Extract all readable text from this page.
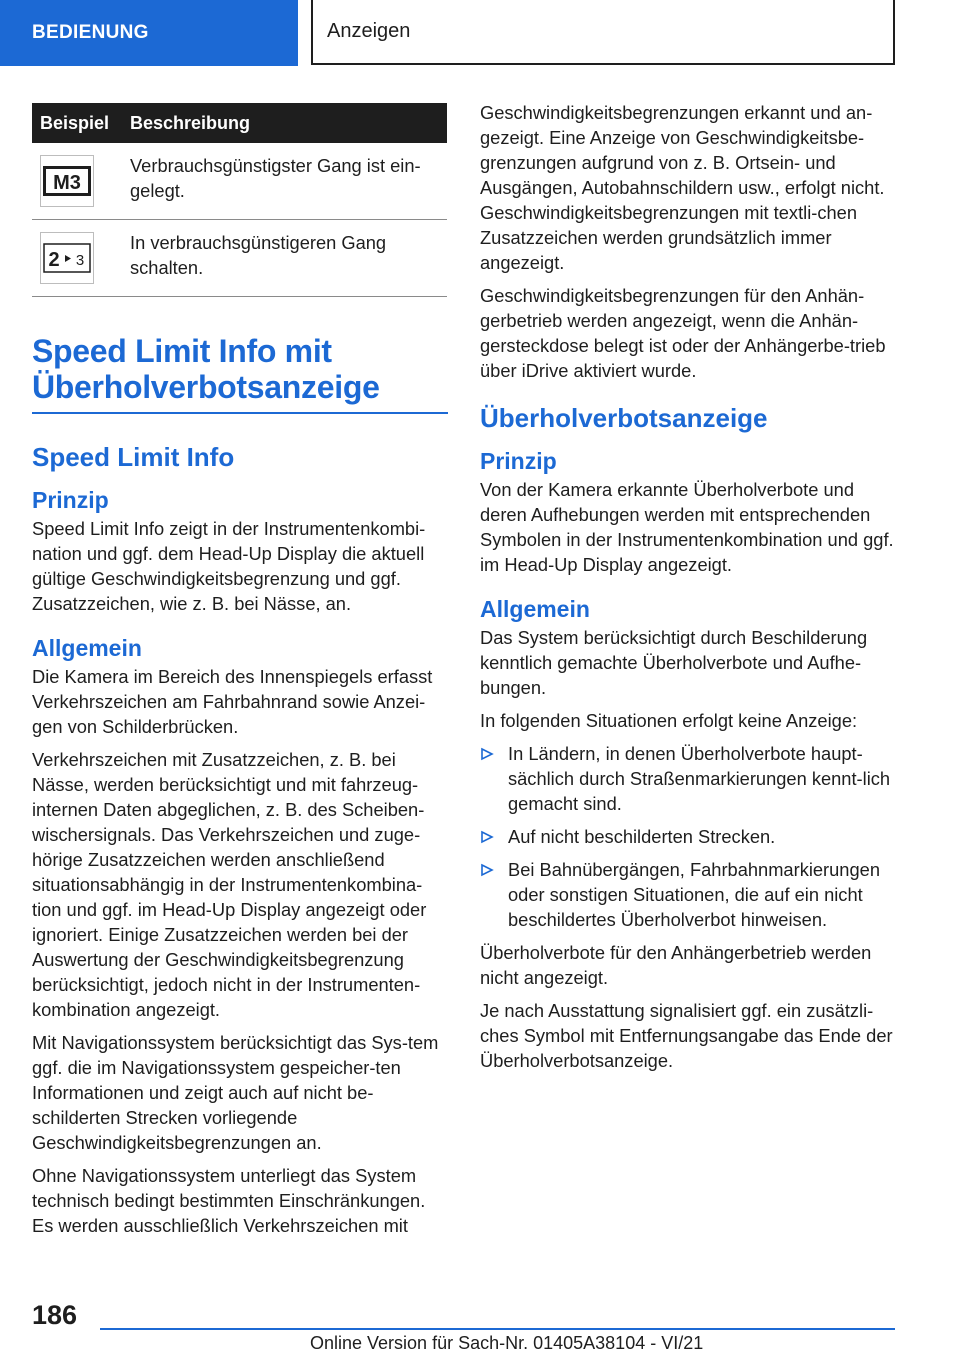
BEDIENUNG	Anzeigen
Beispiel	Beschreibung

M3	Verbrauchsgünstigster Gang ist ein-gelegt.

2 3	In verbrauchsgünstigeren Gang schalten.
Speed Limit Info mit Überholverbotsanzeige
Speed Limit Info
Prinzip

Speed Limit Info zeigt in der Instrumentenkombi-nation und ggf. dem Head-Up Display die aktuell gültige Geschwindigkeitsbegrenzung und ggf. Zusatzzeichen, wie z. B. bei Nässe, an.

Allgemein

Die Kamera im Bereich des Innenspiegels erfasst Verkehrszeichen am Fahrbahnrand sowie Anzei-gen von Schilderbrücken.

Verkehrszeichen mit Zusatzzeichen, z. B. bei Nässe, werden berücksichtigt und mit fahrzeug-internen Daten abgeglichen, z. B. des Scheiben-wischersignals. Das Verkehrszeichen und zuge-hörige Zusatzzeichen werden anschließend situationsabhängig in der Instrumentenkombina-tion und ggf. im Head-Up Display angezeigt oder ignoriert. Einige Zusatzzeichen werden bei der Auswertung der Geschwindigkeitsbegrenzung berücksichtigt, jedoch nicht in der Instrumenten-kombination angezeigt.

Mit Navigationssystem berücksichtigt das Sys-tem ggf. die im Navigationssystem gespeicher-ten Informationen und zeigt auch auf nicht be-schilderten Strecken vorliegende Geschwindigkeitsbegrenzungen an.

Ohne Navigationssystem unterliegt das System technisch bedingt bestimmten Einschränkungen. Es werden ausschließlich Verkehrszeichen mit

Geschwindigkeitsbegrenzungen erkannt und an-gezeigt. Eine Anzeige von Geschwindigkeitsbe-grenzungen aufgrund von z. B. Ortsein- und Ausgängen, Autobahnschildern usw., erfolgt nicht. Geschwindigkeitsbegrenzungen mit textli-chen Zusatzzeichen werden grundsätzlich immer angezeigt.

Geschwindigkeitsbegrenzungen für den Anhän-gerbetrieb werden angezeigt, wenn die Anhän-gersteckdose belegt ist oder der Anhängerbe-trieb über iDrive aktiviert wurde.

Überholverbotsanzeige
Prinzip

Von der Kamera erkannte Überholverbote und deren Aufhebungen werden mit entsprechenden Symbolen in der Instrumentenkombination und ggf. im Head-Up Display angezeigt.

Allgemein

Das System berücksichtigt durch Beschilderung kenntlich gemachte Überholverbote und Aufhe-bungen.

In folgenden Situationen erfolgt keine Anzeige:

In Ländern, in denen Überholverbote haupt-sächlich durch Straßenmarkierungen kennt-lich gemacht sind.
Auf nicht beschilderten Strecken.
Bei Bahnübergängen, Fahrbahnmarkierungen oder sonstigen Situationen, die auf ein nicht beschildertes Überholverbot hinweisen.

Überholverbote für den Anhängerbetrieb werden nicht angezeigt.

Je nach Ausstattung signalisiert ggf. ein zusätzli-ches Symbol mit Entfernungsangabe das Ende der Überholverbotsanzeige.

186
Online Version für Sach-Nr. 01405A38104 - VI/21
